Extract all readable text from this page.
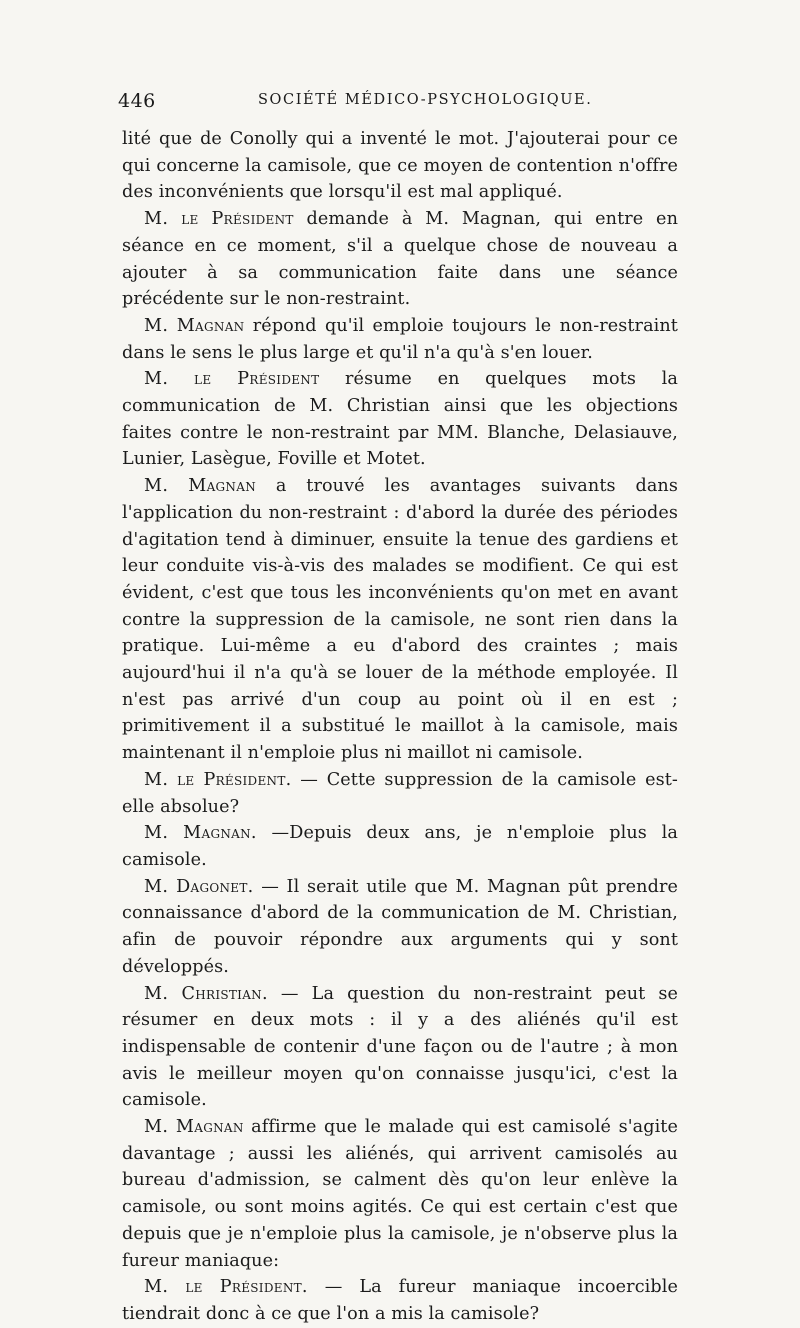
446	SOCIÉTÉ MÉDICO-PSYCHOLOGIQUE.

lité que de Conolly qui a inventé le mot. J'ajouterai pour ce qui concerne la camisole, que ce moyen de contention n'offre des inconvénients que lorsqu'il est mal appliqué.

M. le Président demande à M. Magnan, qui entre en séance en ce moment, s'il a quelque chose de nouveau a ajouter à sa communication faite dans une séance précédente sur le non-restraint.

M. Magnan répond qu'il emploie toujours le non-restraint dans le sens le plus large et qu'il n'a qu'à s'en louer.

M. le Président résume en quelques mots la communication de M. Christian ainsi que les objections faites contre le non-restraint par MM. Blanche, Delasiauve, Lunier, Lasègue, Foville et Motet.

M. Magnan a trouvé les avantages suivants dans l'application du non-restraint : d'abord la durée des périodes d'agitation tend à diminuer, ensuite la tenue des gardiens et leur conduite vis-à-vis des malades se modifient. Ce qui est évident, c'est que tous les inconvénients qu'on met en avant contre la suppression de la camisole, ne sont rien dans la pratique. Lui-même a eu d'abord des craintes ; mais aujourd'hui il n'a qu'à se louer de la méthode employée. Il n'est pas arrivé d'un coup au point où il en est ; primitivement il a substitué le maillot à la camisole, mais maintenant il n'emploie plus ni maillot ni camisole.

M. le Président. — Cette suppression de la camisole est-elle absolue?

M. Magnan. —Depuis deux ans, je n'emploie plus la camisole.

M. Dagonet. — Il serait utile que M. Magnan pût prendre connaissance d'abord de la communication de M. Christian, afin de pouvoir répondre aux arguments qui y sont développés.

M. Christian. — La question du non-restraint peut se résumer en deux mots : il y a des aliénés qu'il est indispensable de contenir d'une façon ou de l'autre ; à mon avis le meilleur moyen qu'on connaisse jusqu'ici, c'est la camisole.

M. Magnan affirme que le malade qui est camisolé s'agite davantage ; aussi les aliénés, qui arrivent camisolés au bureau d'admission, se calment dès qu'on leur enlève la camisole, ou sont moins agités. Ce qui est certain c'est que depuis que je n'emploie plus la camisole, je n'observe plus la fureur maniaque:

M. le Président. — La fureur maniaque incoercible tiendrait donc à ce que l'on a mis la camisole?
